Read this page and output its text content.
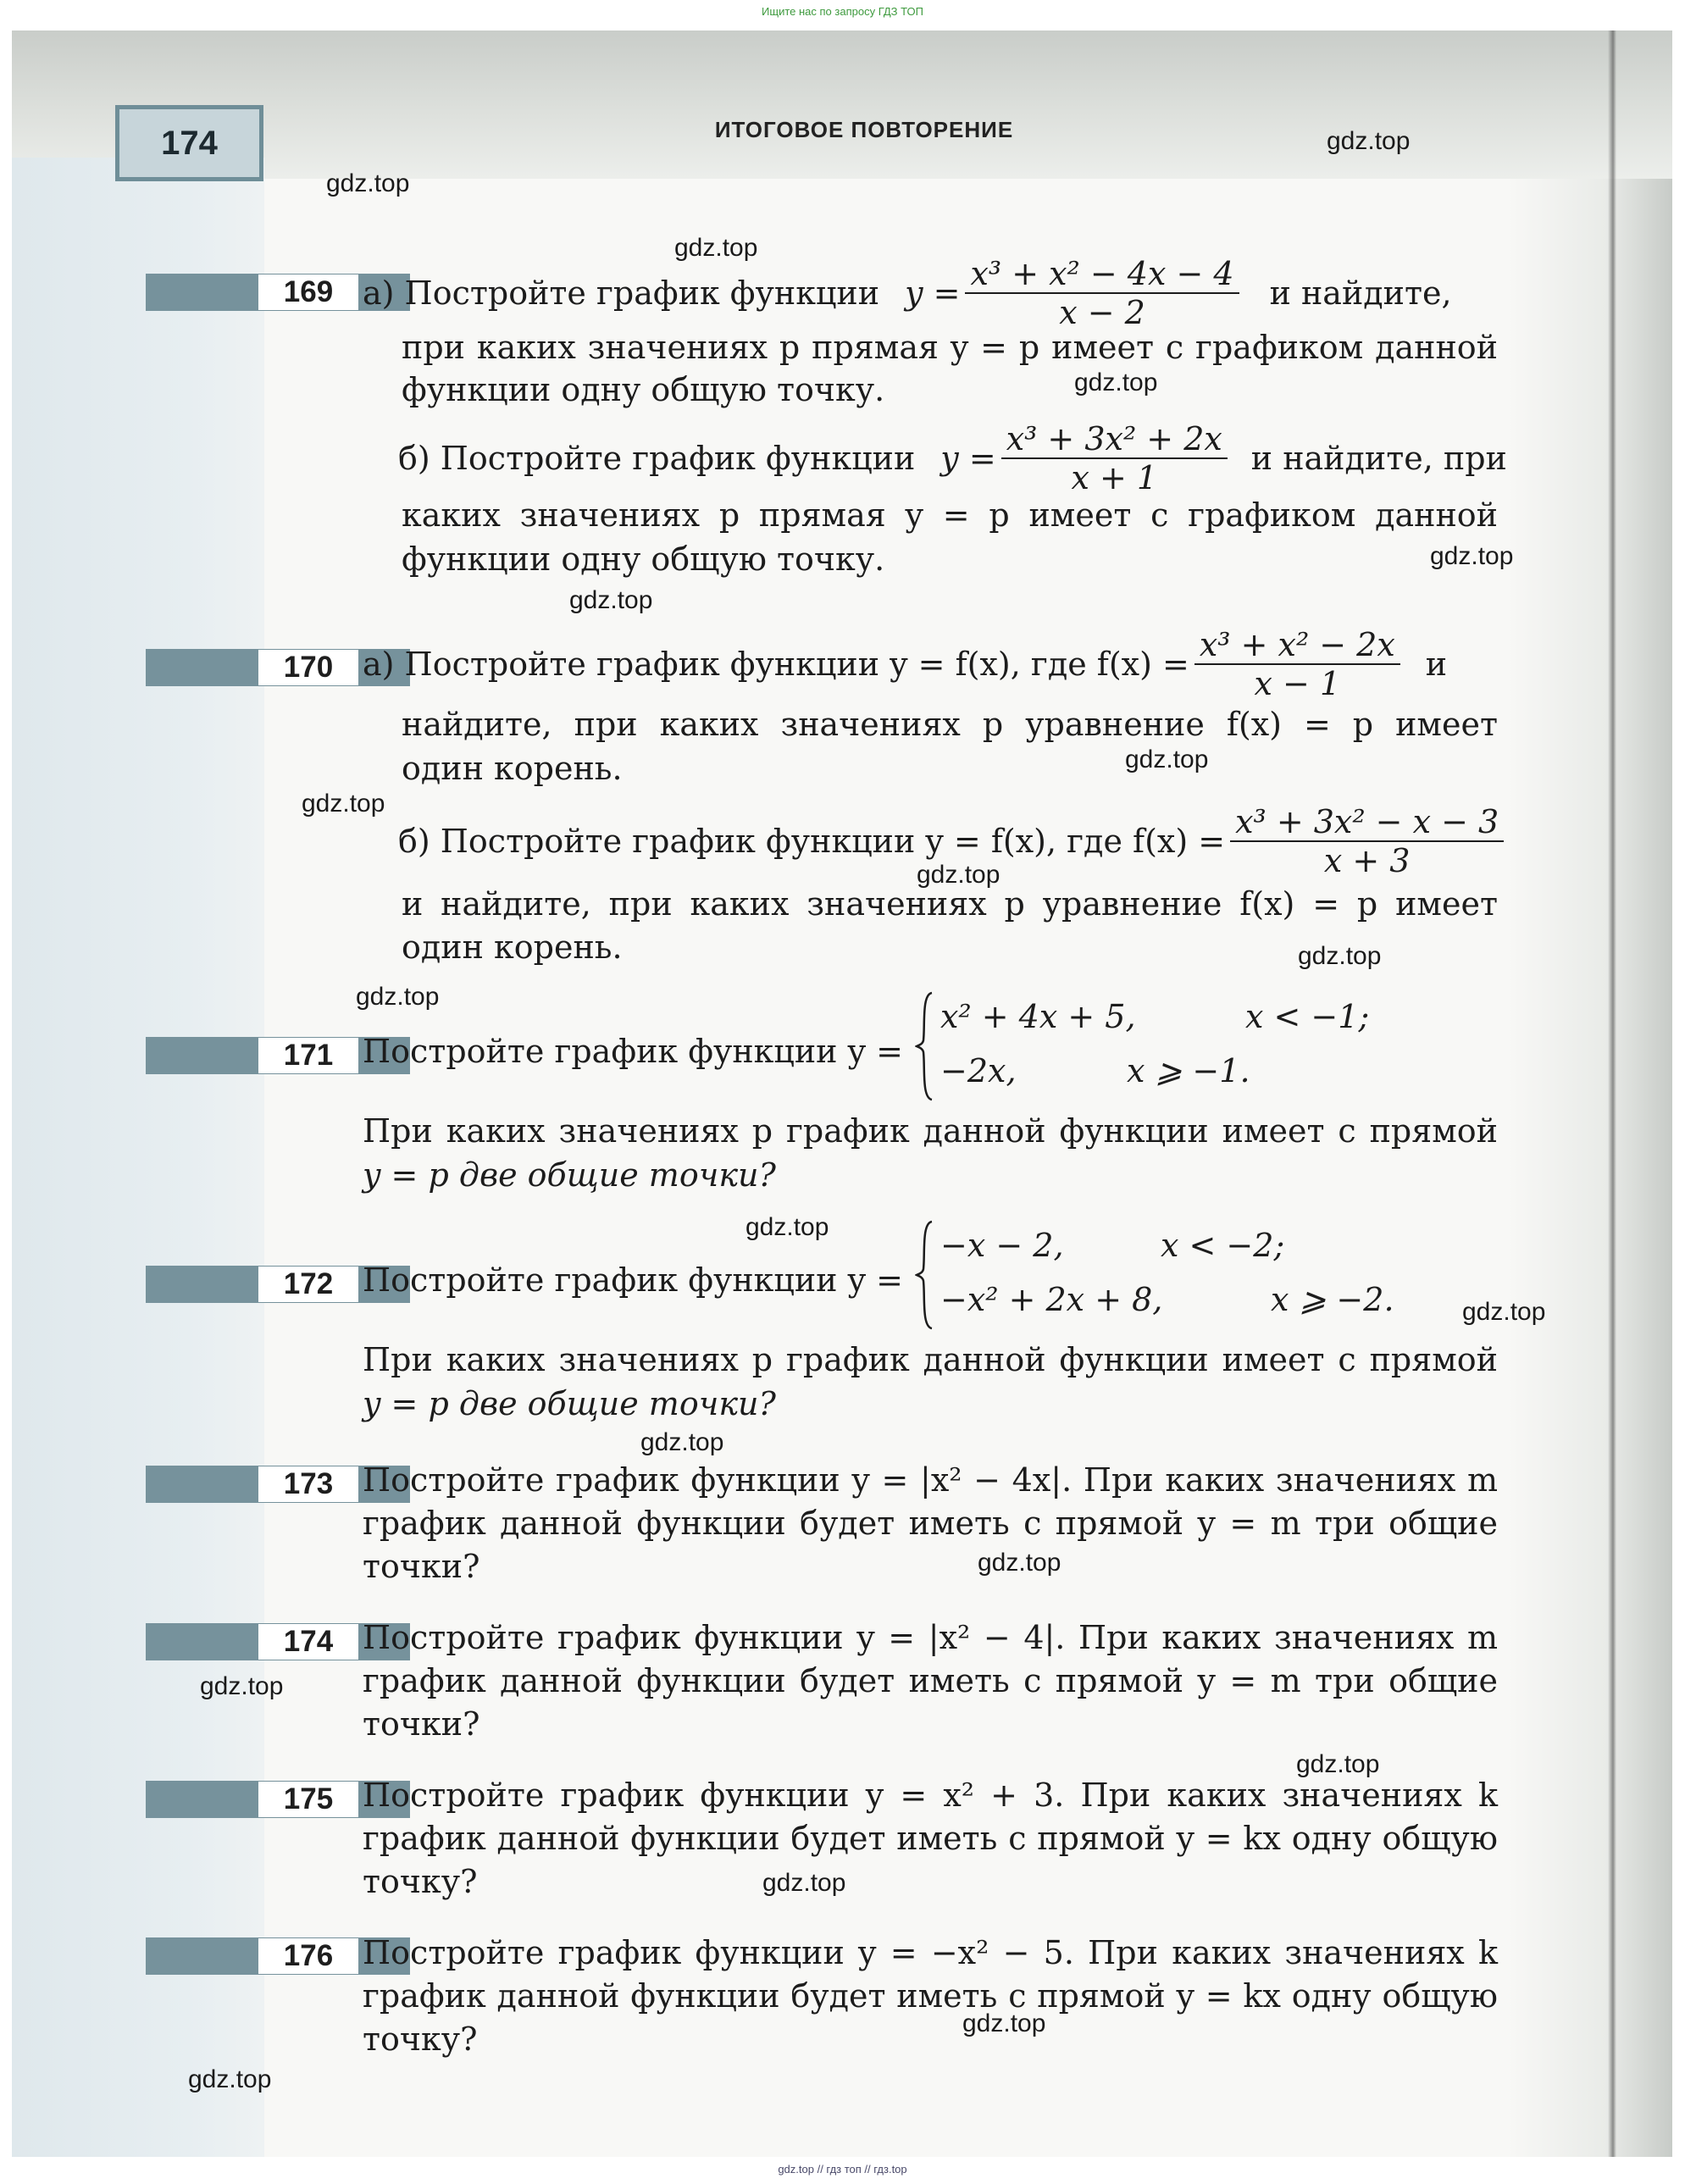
Ищите нас по запросу ГДЗ ТОП
174	ИТОГОВОЕ ПОВТОРЕНИЕ
169 а) Постройте график функции $y = \frac{\text{x³ + x² − 4x − 4}}{x - 2}$ и найдите,
при каких значениях p прямая y = p имеет с графиком данной
функции одну общую точку.
б) Постройте график функции $y = \frac{\text{x³ + 3x² + 2x}}{x + 1}$ и найдите, при
каких значениях p прямая y = p имеет с графиком данной
функции одну общую точку.
170 а) Постройте график функции y = f(x), где $f(x) = \frac{\text{x³ + x² − 2x}}{x - 1}$ и
найдите, при каких значениях p уравнение f(x) = p имеет
один корень.
б) Постройте график функции y = f(x), где $f(x) = \frac{\text{x³ + 3x² − x − 3}}{x + 3}$
и найдите, при каких значениях p уравнение f(x) = p имеет
один корень.
171 Постройте график функции y =
x² + 4x + 5,	x < −1;
−2x,	x ⩾ −1.
При каких значениях p график данной функции имеет с прямой
y = p две общие точки?
172 Постройте график функции y =
−x − 2,	x < −2;
−x² + 2x + 8,	x ⩾ −2.
При каких значениях p график данной функции имеет с прямой
y = p две общие точки?
173 Постройте график функции y = |x² − 4x|. При каких значениях m
график данной функции будет иметь с прямой y = m три общие
точки?
174 Постройте график функции y = |x² − 4|. При каких значениях m
график данной функции будет иметь с прямой y = m три общие
точки?
175 Постройте график функции y = x² + 3. При каких значениях k
график данной функции будет иметь с прямой y = kx одну общую
точку?
176 Постройте график функции y = −x² − 5. При каких значениях k
график данной функции будет иметь с прямой y = kx одну общую
точку?
gdz.top
gdz.top
gdz.top
gdz.top
gdz.top
gdz.top
gdz.top
gdz.top
gdz.top
gdz.top
gdz.top
gdz.top
gdz.top
gdz.top
gdz.top
gdz.top
gdz.top
gdz.top
gdz.top
gdz.top
gdz.top // гдз топ // гдз.top
